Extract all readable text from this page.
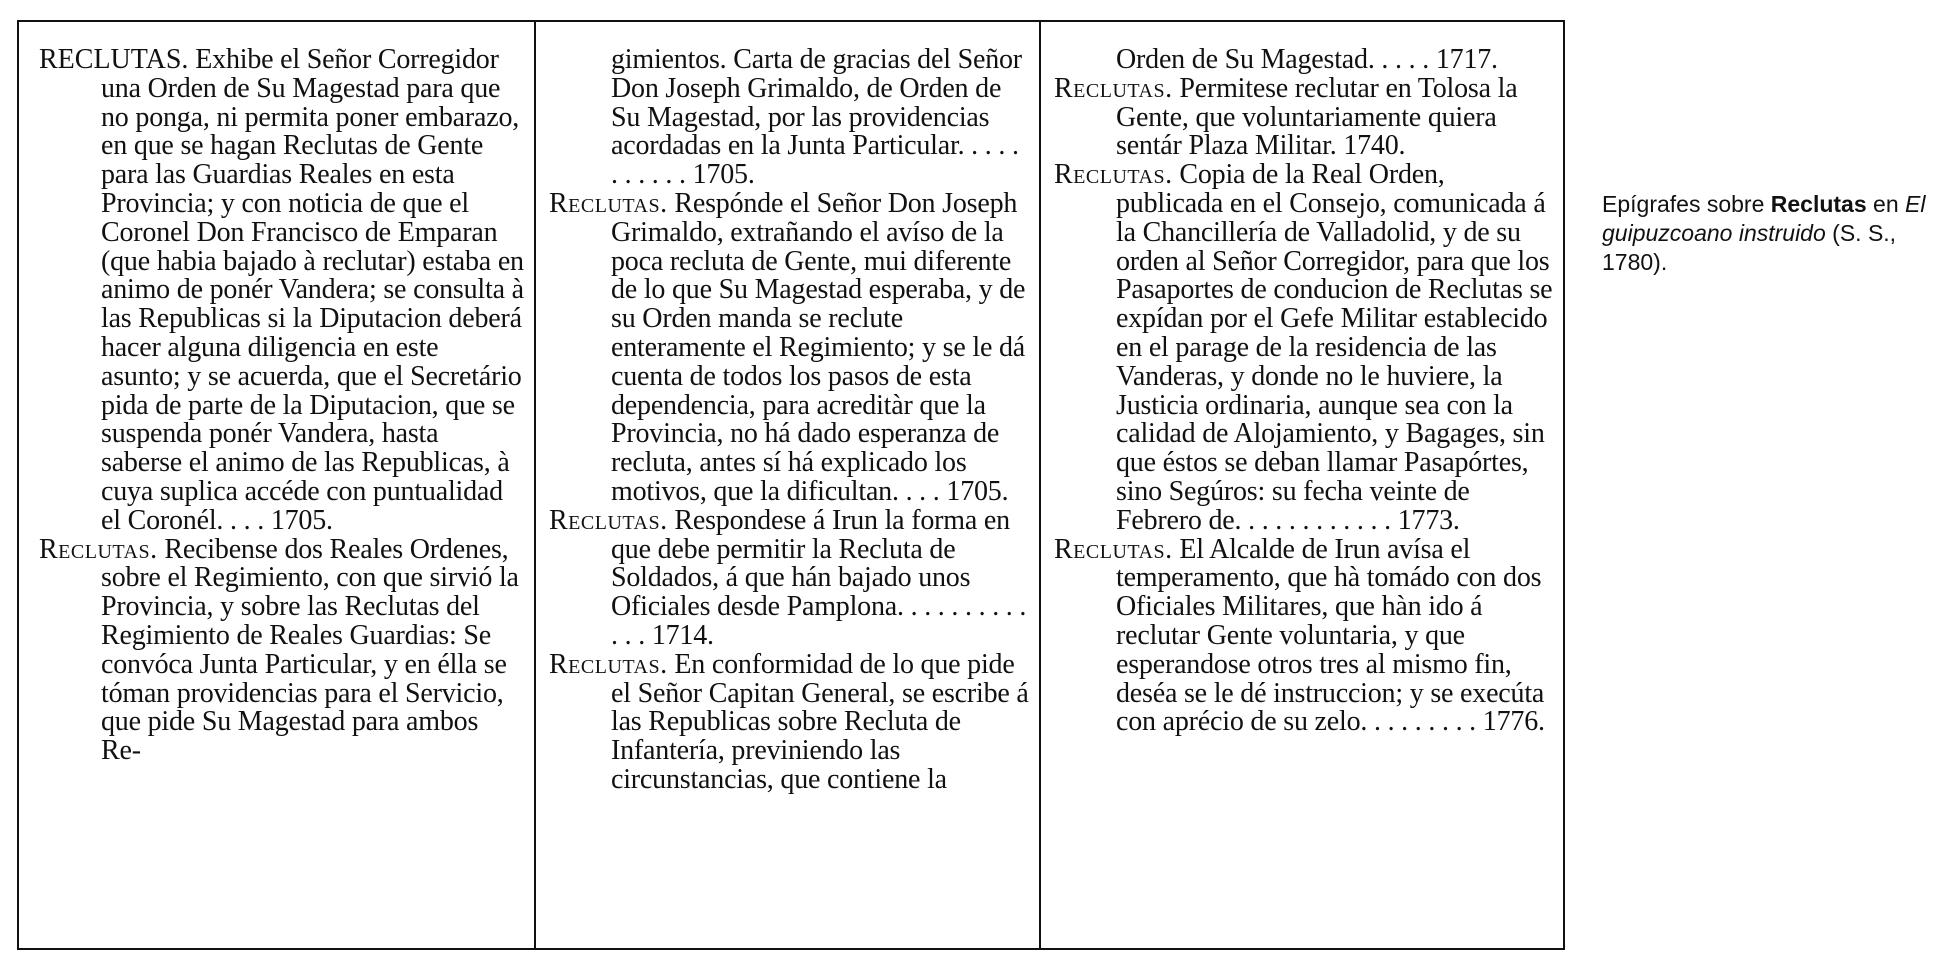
RECLUTAS. Exhibe el Señor Corregidor una Orden de Su Magestad para que no ponga, ni permita poner embarazo, en que se hagan Reclutas de Gente para las Guardias Reales en esta Provincia; y con noticia de que el Coronel Don Francisco de Emparan (que habia bajado à reclutar) estaba en animo de ponér Vandera; se consulta à las Republicas si la Diputacion deberá hacer alguna diligencia en este asunto; y se acuerda, que el Secretário pida de parte de la Diputacion, que se suspenda ponér Vandera, hasta saberse el animo de las Republicas, à cuya suplica accéde con puntualidad el Coronél. . . . 1705.

Reclutas. Recibense dos Reales Ordenes, sobre el Regimiento, con que sirvió la Provincia, y sobre las Reclutas del Regimiento de Reales Guardias: Se convóca Junta Particular, y en élla se tóman providencias para el Servicio, que pide Su Magestad para ambos Re-

gimientos. Carta de gracias del Señor Don Joseph Grimaldo, de Orden de Su Magestad, por las providencias acordadas en la Junta Particular. . . . . . . . . . . 1705.

Reclutas. Respónde el Señor Don Joseph Grimaldo, extrañando el avíso de la poca recluta de Gente, mui diferente de lo que Su Magestad esperaba, y de su Orden manda se reclute enteramente el Regimiento; y se le dá cuenta de todos los pasos de esta dependencia, para acreditàr que la Provincia, no há dado esperanza de recluta, antes sí há explicado los motivos, que la dificultan. . . . 1705.

Reclutas. Respondese á Irun la forma en que debe permitir la Recluta de Soldados, á que hán bajado unos Oficiales desde Pamplona. . . . . . . . . . . . . 1714.

Reclutas. En conformidad de lo que pide el Señor Capitan General, se escribe á las Republicas sobre Recluta de Infantería, previniendo las circunstancias, que contiene la

Orden de Su Magestad. . . . . 1717.

Reclutas. Permitese reclutar en Tolosa la Gente, que voluntariamente quiera sentár Plaza Militar. 1740.

Reclutas. Copia de la Real Orden, publicada en el Consejo, comunicada á la Chancillería de Valladolid, y de su orden al Señor Corregidor, para que los Pasaportes de conducion de Reclutas se expídan por el Gefe Militar establecido en el parage de la residencia de las Vanderas, y donde no le huviere, la Justicia ordinaria, aunque sea con la calidad de Alojamiento, y Bagages, sin que éstos se deban llamar Pasapórtes, sino Segúros: su fecha veinte de Febrero de. . . . . . . . . . . . 1773.

Reclutas. El Alcalde de Irun avísa el temperamento, que hà tomádo con dos Oficiales Militares, que hàn ido á reclutar Gente voluntaria, y que esperandose otros tres al mismo fin, deséa se le dé instruccion; y se execúta con aprécio de su zelo. . . . . . . . . 1776.

Epígrafes sobre Reclutas en El guipuzcoano instruido (S. S., 1780).
